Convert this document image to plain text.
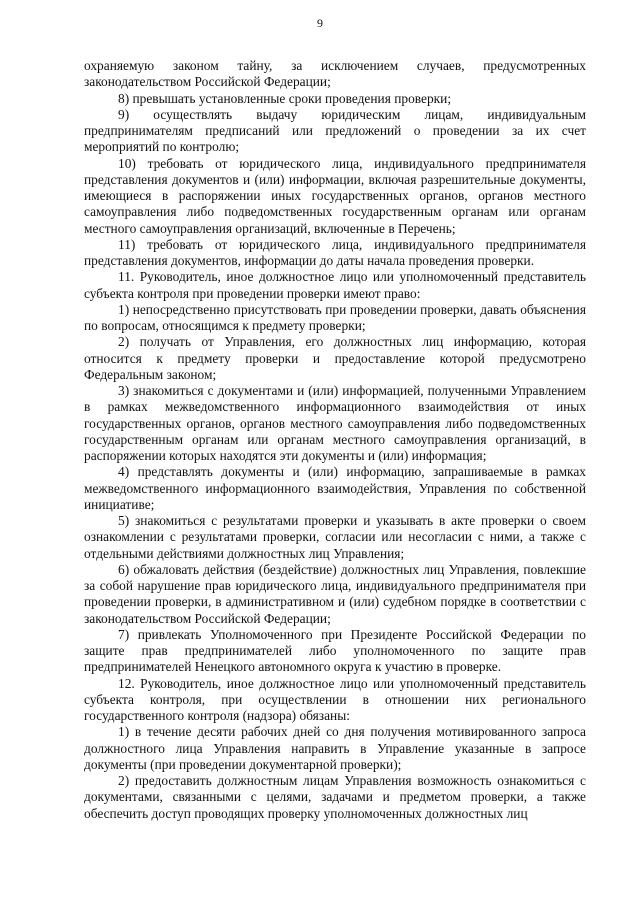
9

охраняемую законом тайну, за исключением случаев, предусмотренных законодательством Российской Федерации;

8) превышать установленные сроки проведения проверки;

9) осуществлять выдачу юридическим лицам, индивидуальным предпринимателям предписаний или предложений о проведении за их счет мероприятий по контролю;

10) требовать от юридического лица, индивидуального предпринимателя представления документов и (или) информации, включая разрешительные документы, имеющиеся в распоряжении иных государственных органов, органов местного самоуправления либо подведомственных государственным органам или органам местного самоуправления организаций, включенные в Перечень;

11) требовать от юридического лица, индивидуального предпринимателя представления документов, информации до даты начала проведения проверки.

11. Руководитель, иное должностное лицо или уполномоченный представитель субъекта контроля при проведении проверки имеют право:

1) непосредственно присутствовать при проведении проверки, давать объяснения по вопросам, относящимся к предмету проверки;

2) получать от Управления, его должностных лиц информацию, которая относится к предмету проверки и предоставление которой предусмотрено Федеральным законом;

3) знакомиться с документами и (или) информацией, полученными Управлением в рамках межведомственного информационного взаимодействия от иных государственных органов, органов местного самоуправления либо подведомственных государственным органам или органам местного самоуправления организаций, в распоряжении которых находятся эти документы и (или) информация;

4) представлять документы и (или) информацию, запрашиваемые в рамках межведомственного информационного взаимодействия, Управления по собственной инициативе;

5) знакомиться с результатами проверки и указывать в акте проверки о своем ознакомлении с результатами проверки, согласии или несогласии с ними, а также с отдельными действиями должностных лиц Управления;

6) обжаловать действия (бездействие) должностных лиц Управления, повлекшие за собой нарушение прав юридического лица, индивидуального предпринимателя при проведении проверки, в административном и (или) судебном порядке в соответствии с законодательством Российской Федерации;

7) привлекать Уполномоченного при Президенте Российской Федерации по защите прав предпринимателей либо уполномоченного по защите прав предпринимателей Ненецкого автономного округа к участию в проверке.

12. Руководитель, иное должностное лицо или уполномоченный представитель субъекта контроля, при осуществлении в отношении них регионального государственного контроля (надзора) обязаны:

1) в течение десяти рабочих дней со дня получения мотивированного запроса должностного лица Управления направить в Управление указанные в запросе документы (при проведении документарной проверки);

2) предоставить должностным лицам Управления возможность ознакомиться с документами, связанными с целями, задачами и предметом проверки, а также обеспечить доступ проводящих проверку уполномоченных должностных лиц
